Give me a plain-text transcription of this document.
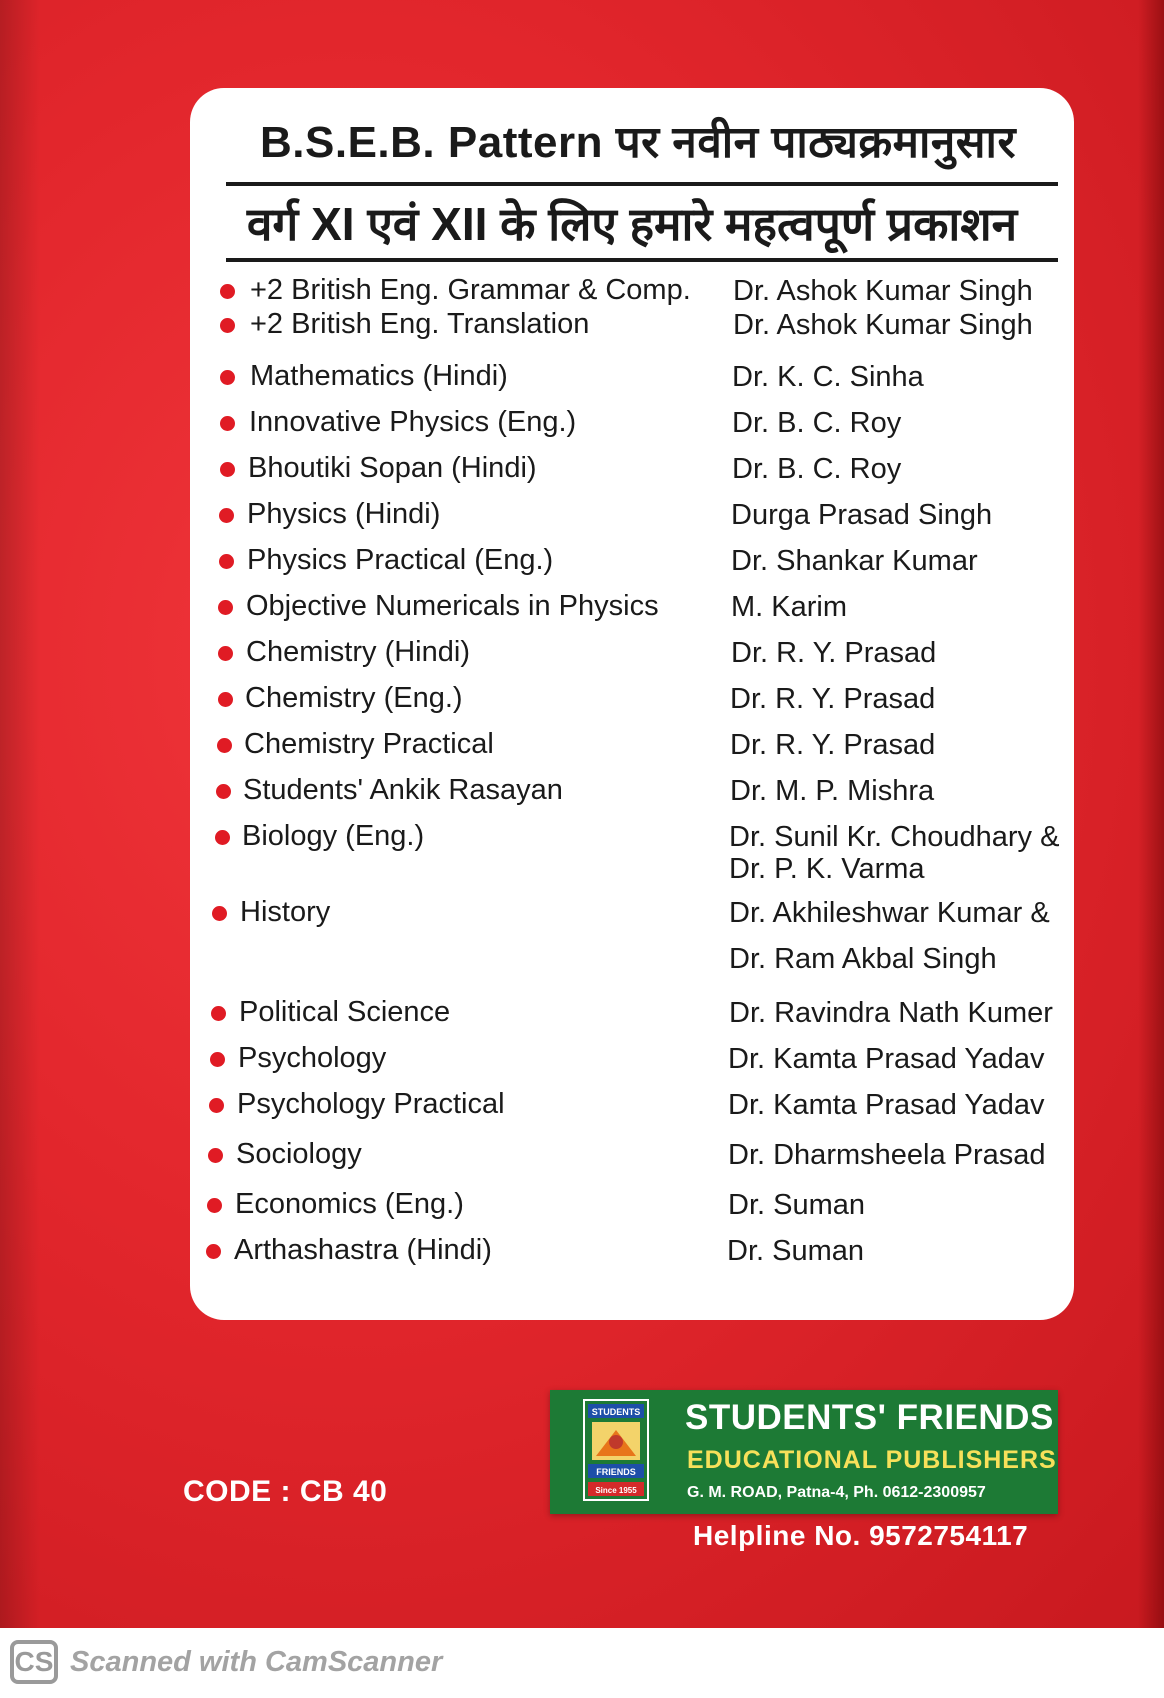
B.S.E.B. Pattern पर नवीन पाठ्यक्रमानुसार
वर्ग XI एवं XII के लिए हमारे महत्वपूर्ण प्रकाशन
+2 British Eng. Grammar & Comp. Dr. Ashok Kumar Singh
+2 British Eng. Translation	Dr. Ashok Kumar Singh
Mathematics (Hindi)	Dr. K. C. Sinha
Innovative Physics (Eng.)	Dr. B. C. Roy
Bhoutiki Sopan (Hindi)	Dr. B. C. Roy
Physics (Hindi)	Durga Prasad Singh
Physics Practical (Eng.)	Dr. Shankar Kumar
Objective Numericals in Physics M. Karim
Chemistry (Hindi)	Dr. R. Y. Prasad
Chemistry (Eng.)	Dr. R. Y. Prasad
Chemistry Practical	Dr. R. Y. Prasad
Students' Ankik Rasayan	Dr. M. P. Mishra
Biology (Eng.)	Dr. Sunil Kr. Choudhary &
Dr. P. K. Varma
History	Dr. Akhileshwar Kumar &
Dr. Ram Akbal Singh
Political Science	Dr. Ravindra Nath Kumer
Psychology	Dr. Kamta Prasad Yadav
Psychology Practical	Dr. Kamta Prasad Yadav
Sociology	Dr. Dharmsheela Prasad
Economics (Eng.)	Dr. Suman
Arthashastra (Hindi)	Dr. Suman
CODE : CB 40
STUDENTS
FRIENDS
Since 1955
STUDENTS' FRIENDS
EDUCATIONAL PUBLISHERS
G. M. ROAD, Patna-4, Ph. 0612-2300957
Helpline No. 9572754117
CS Scanned with CamScanner
